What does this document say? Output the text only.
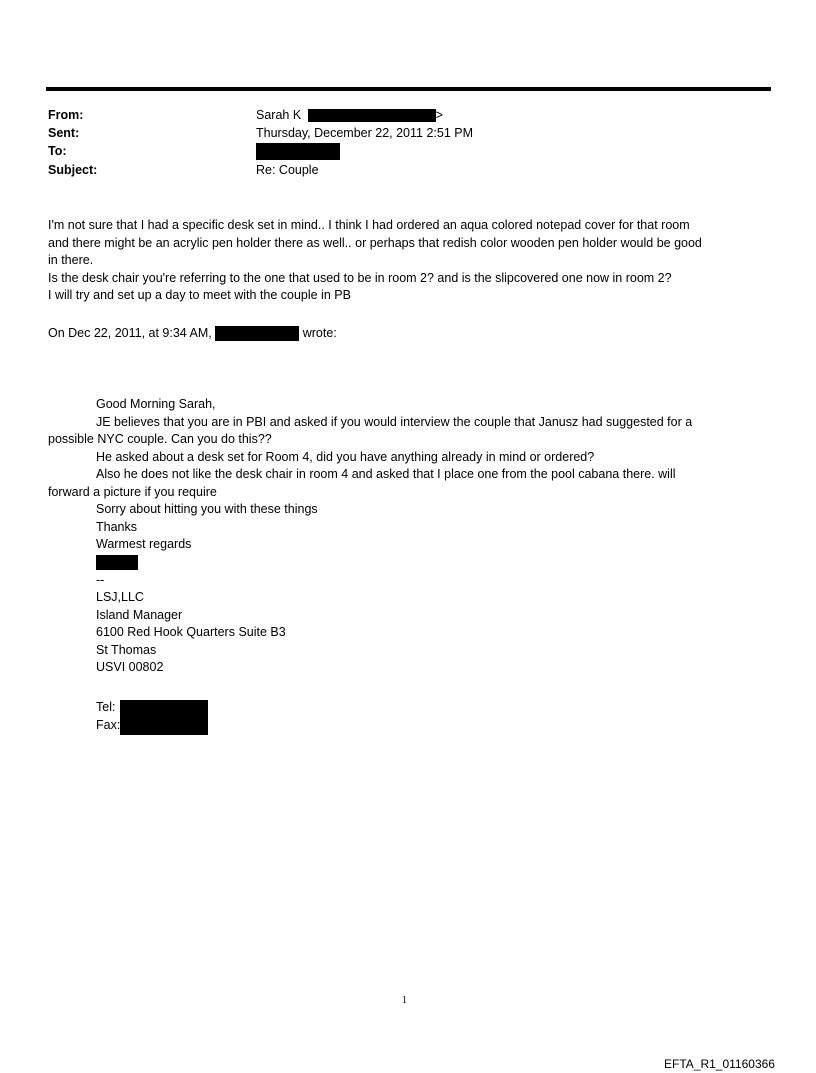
From:	Sarah K	>
Sent:	Thursday, December 22, 2011 2:51 PM
To:
Subject:	Re: Couple

I'm not sure that I had a specific desk set in mind.. I think I had ordered an aqua colored notepad cover for that room

and there might be an acrylic pen holder there as well.. or perhaps that redish color wooden pen holder would be good

in there.

Is the desk chair you're referring to the one that used to be in room 2? and is the slipcovered one now in room 2?

I will try and set up a day to meet with the couple in PB

On Dec 22, 2011, at 9:34 AM,	wrote:

Good Morning Sarah,

JE believes that you are in PBI and asked if you would interview the couple that Janusz had suggested for a

possible NYC couple. Can you do this??

He asked about a desk set for Room 4, did you have anything already in mind or ordered?

Also he does not like the desk chair in room 4 and asked that I place one from the pool cabana there. will

forward a picture if you require

Sorry about hitting you with these things

Thanks

Warmest regards

--

LSJ,LLC

Island Manager

6100 Red Hook Quarters Suite B3

St Thomas

USVI 00802

Tel:

Fax:

1
EFTA_R1_01160366
